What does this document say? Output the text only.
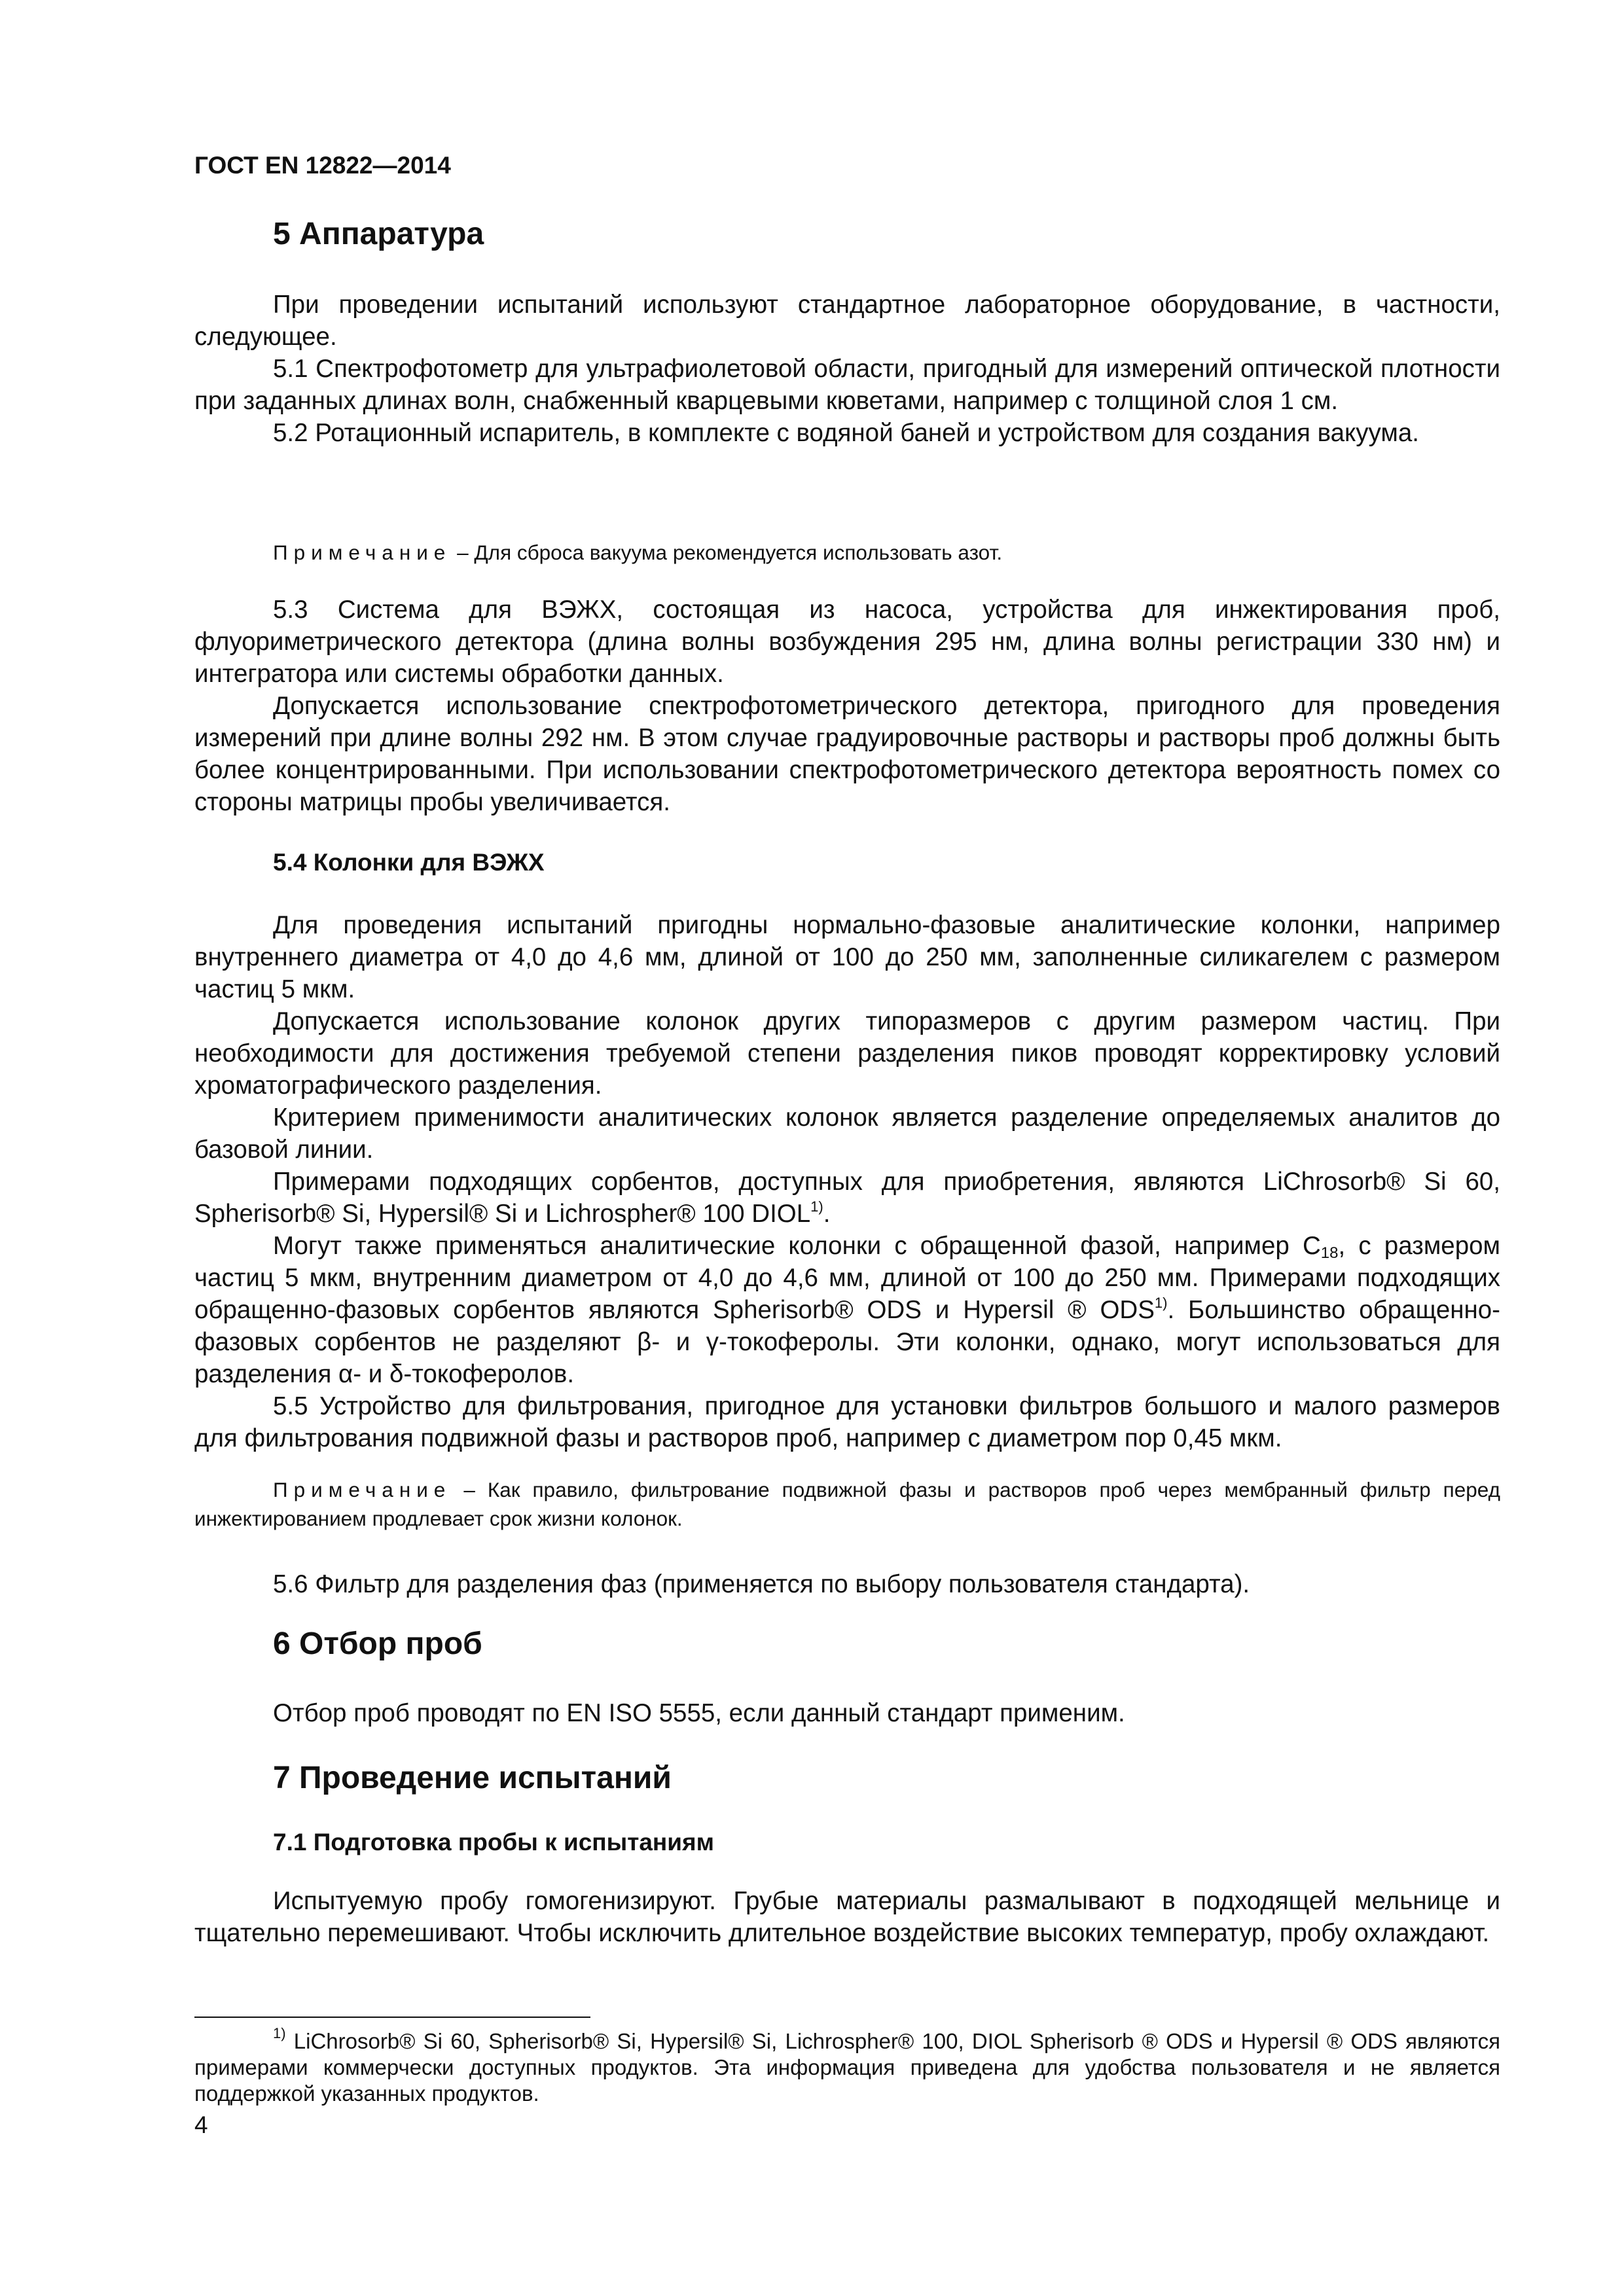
ГОСТ EN 12822—2014

5 Аппаратура

При проведении испытаний используют стандартное лабораторное оборудование, в частности, следующее.

5.1 Спектрофотометр для ультрафиолетовой области, пригодный для измерений оптической плотности при заданных длинах волн, снабженный кварцевыми кюветами, например с толщиной слоя 1 см.

5.2 Ротационный испаритель, в комплекте с водяной баней и устройством для создания вакуума.

Примечание – Для сброса вакуума рекомендуется использовать азот.

5.3 Система для ВЭЖХ, состоящая из насоса, устройства для инжектирования проб, флуориметрического детектора (длина волны возбуждения 295 нм, длина волны регистрации 330 нм) и интегратора или системы обработки данных.

Допускается использование спектрофотометрического детектора, пригодного для проведения измерений при длине волны 292 нм. В этом случае градуировочные растворы и растворы проб должны быть более концентрированными. При использовании спектрофотометрического детектора вероятность помех со стороны матрицы пробы увеличивается.

5.4 Колонки для ВЭЖХ

Для проведения испытаний пригодны нормально-фазовые аналитические колонки, например внутреннего диаметра от 4,0 до 4,6 мм, длиной от 100 до 250 мм, заполненные силикагелем с размером частиц 5 мкм.

Допускается использование колонок других типоразмеров с другим размером частиц. При необходимости для достижения требуемой степени разделения пиков проводят корректировку условий хроматографического разделения.

Критерием применимости аналитических колонок является разделение определяемых аналитов до базовой линии.

Примерами подходящих сорбентов, доступных для приобретения, являются LiChrosorb® Si 60, Spherisorb® Si, Hypersil® Si и Lichrospher® 100 DIOL$^{1)}$.

Могут также применяться аналитические колонки с обращенной фазой, например $С_{18}$, с размером частиц 5 мкм, внутренним диаметром от 4,0 до 4,6 мм, длиной от 100 до 250 мм. Примерами подходящих обращенно-фазовых сорбентов являются Spherisorb® ODS и Hypersil ® ODS$^{1)}$. Большинство обращенно-фазовых сорбентов не разделяют β- и γ-токоферолы. Эти колонки, однако, могут использоваться для разделения α- и δ-токоферолов.

5.5 Устройство для фильтрования, пригодное для установки фильтров большого и малого размеров для фильтрования подвижной фазы и растворов проб, например с диаметром пор 0,45 мкм.

Примечание – Как правило, фильтрование подвижной фазы и растворов проб через мембранный фильтр перед инжектированием продлевает срок жизни колонок.

5.6 Фильтр для разделения фаз (применяется по выбору пользователя стандарта).

6 Отбор проб

Отбор проб проводят по EN ISO 5555, если данный стандарт применим.

7 Проведение испытаний

7.1 Подготовка пробы к испытаниям

Испытуемую пробу гомогенизируют. Грубые материалы размалывают в подходящей мельнице и тщательно перемешивают. Чтобы исключить длительное воздействие высоких температур, пробу охлаждают.

$^{1)}$ LiChrosorb® Si 60, Spherisorb® Si, Hypersil® Si, Lichrospher® 100, DIOL Spherisorb ® ODS и Hypersil ® ODS являются примерами коммерчески доступных продуктов. Эта информация приведена для удобства пользователя и не является поддержкой указанных продуктов.

4
